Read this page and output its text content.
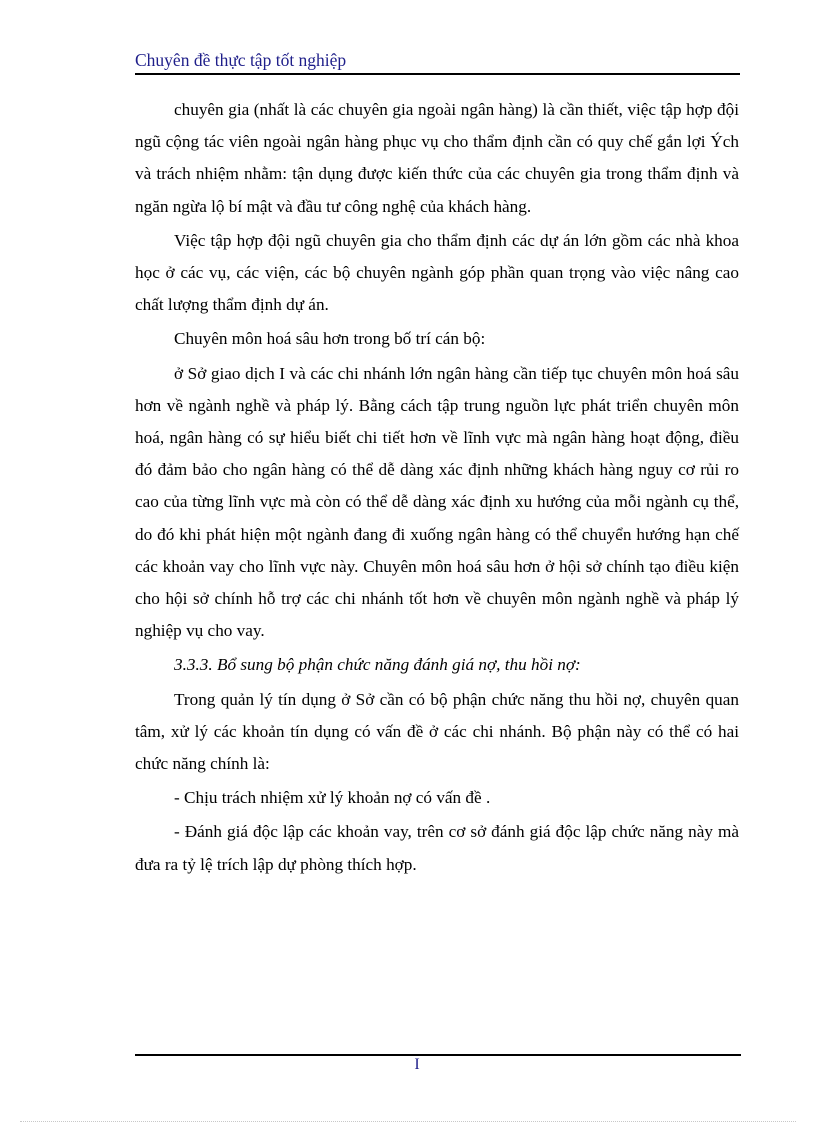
Chuyên đề thực tập tốt nghiệp

chuyên gia (nhất là các chuyên gia ngoài ngân hàng) là cần thiết, việc tập hợp đội ngũ cộng tác viên ngoài ngân hàng phục vụ cho thẩm định cần có quy chế gắn lợi Ých và trách nhiệm nhằm: tận dụng được kiến thức của các chuyên gia trong thẩm định và ngăn ngừa lộ bí mật và đầu tư công nghệ của khách hàng.

Việc tập hợp đội ngũ chuyên gia cho thẩm định các dự án lớn gồm các nhà khoa học ở các vụ, các viện, các bộ chuyên ngành góp phần quan trọng vào việc nâng cao chất lượng thẩm định dự án.

Chuyên môn hoá sâu hơn trong bố trí cán bộ:

ở Sở giao dịch I và các chi nhánh lớn ngân hàng cần tiếp tục chuyên môn hoá sâu hơn về ngành nghề và pháp lý. Bằng cách tập trung nguồn lực phát triển chuyên môn hoá, ngân hàng có sự hiểu biết chi tiết hơn về lĩnh vực mà ngân hàng hoạt động, điều đó đảm bảo cho ngân hàng có thể dễ dàng xác định những khách hàng nguy cơ rủi ro cao của từng lĩnh vực mà còn có thể dễ dàng xác định xu hướng của mỗi ngành cụ thể, do đó khi phát hiện một ngành đang đi xuống ngân hàng có thể chuyển hướng hạn chế các khoản vay cho lĩnh vực này. Chuyên môn hoá sâu hơn ở hội sở chính tạo điều kiện cho hội sở chính hỗ trợ các chi nhánh tốt hơn về chuyên môn ngành nghề và pháp lý nghiệp vụ cho vay.

3.3.3. Bổ sung bộ phận chức năng đánh giá nợ, thu hồi nợ:

Trong quản lý tín dụng ở Sở cần có bộ phận chức năng thu hồi nợ, chuyên quan tâm, xử lý các khoản tín dụng có vấn đề ở các chi nhánh. Bộ phận này có thể có hai chức năng chính là:

- Chịu trách nhiệm xử lý khoản nợ có vấn đề .

- Đánh giá độc lập các khoản vay, trên cơ sở đánh giá độc lập chức năng này mà đưa ra tỷ lệ trích lập dự phòng thích hợp.

I
